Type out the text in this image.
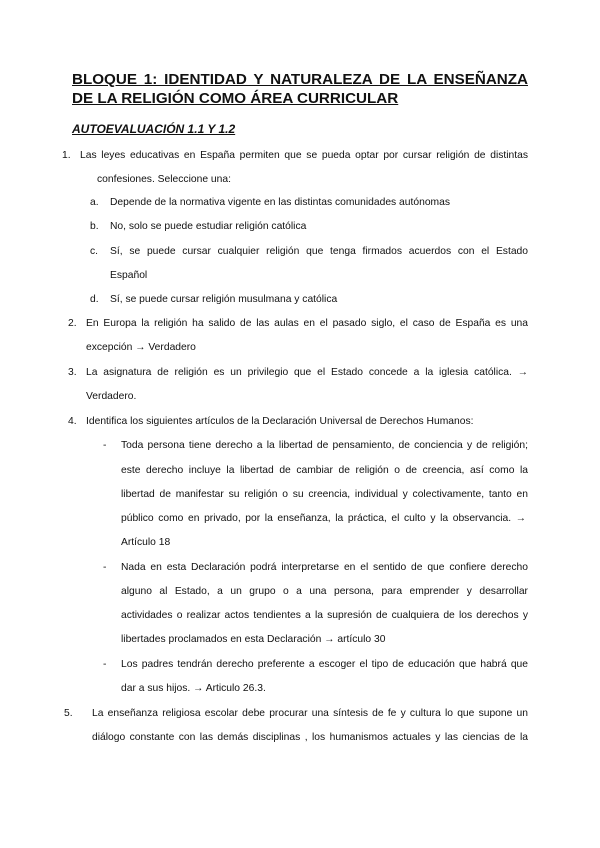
BLOQUE 1: IDENTIDAD Y NATURALEZA DE LA ENSEÑANZA DE LA RELIGIÓN COMO ÁREA CURRICULAR
AUTOEVALUACIÓN 1.1 Y 1.2
1. Las leyes educativas en España permiten que se pueda optar por cursar religión de distintas
confesiones. Seleccione una:
a. Depende de la normativa vigente en las distintas comunidades autónomas
b. No, solo se puede estudiar religión católica
c. Sí, se puede cursar cualquier religión que tenga firmados acuerdos con el Estado
Español
d. Sí, se puede cursar religión musulmana y católica
2. En Europa la religión ha salido de las aulas en el pasado siglo, el caso de España es una
excepción → Verdadero
3. La asignatura de religión es un privilegio que el Estado concede a la iglesia católica. →
Verdadero.
4. Identifica los siguientes artículos de la Declaración Universal de Derechos Humanos:
- Toda persona tiene derecho a la libertad de pensamiento, de conciencia y de religión;
este derecho incluye la libertad de cambiar de religión o de creencia, así como la
libertad de manifestar su religión o su creencia, individual y colectivamente, tanto en
público como en privado, por la enseñanza, la práctica, el culto y la observancia. →
Artículo 18
- Nada en esta Declaración podrá interpretarse en el sentido de que confiere derecho
alguno al Estado, a un grupo o a una persona, para emprender y desarrollar
actividades o realizar actos tendientes a la supresión de cualquiera de los derechos y
libertades proclamados en esta Declaración → artículo 30
- Los padres tendrán derecho preferente a escoger el tipo de educación que habrá que
dar a sus hijos. → Articulo 26.3.
5. La enseñanza religiosa escolar debe procurar una síntesis de fe y cultura lo que supone un
diálogo constante con las demás disciplinas , los humanismos actuales y las ciencias de la
